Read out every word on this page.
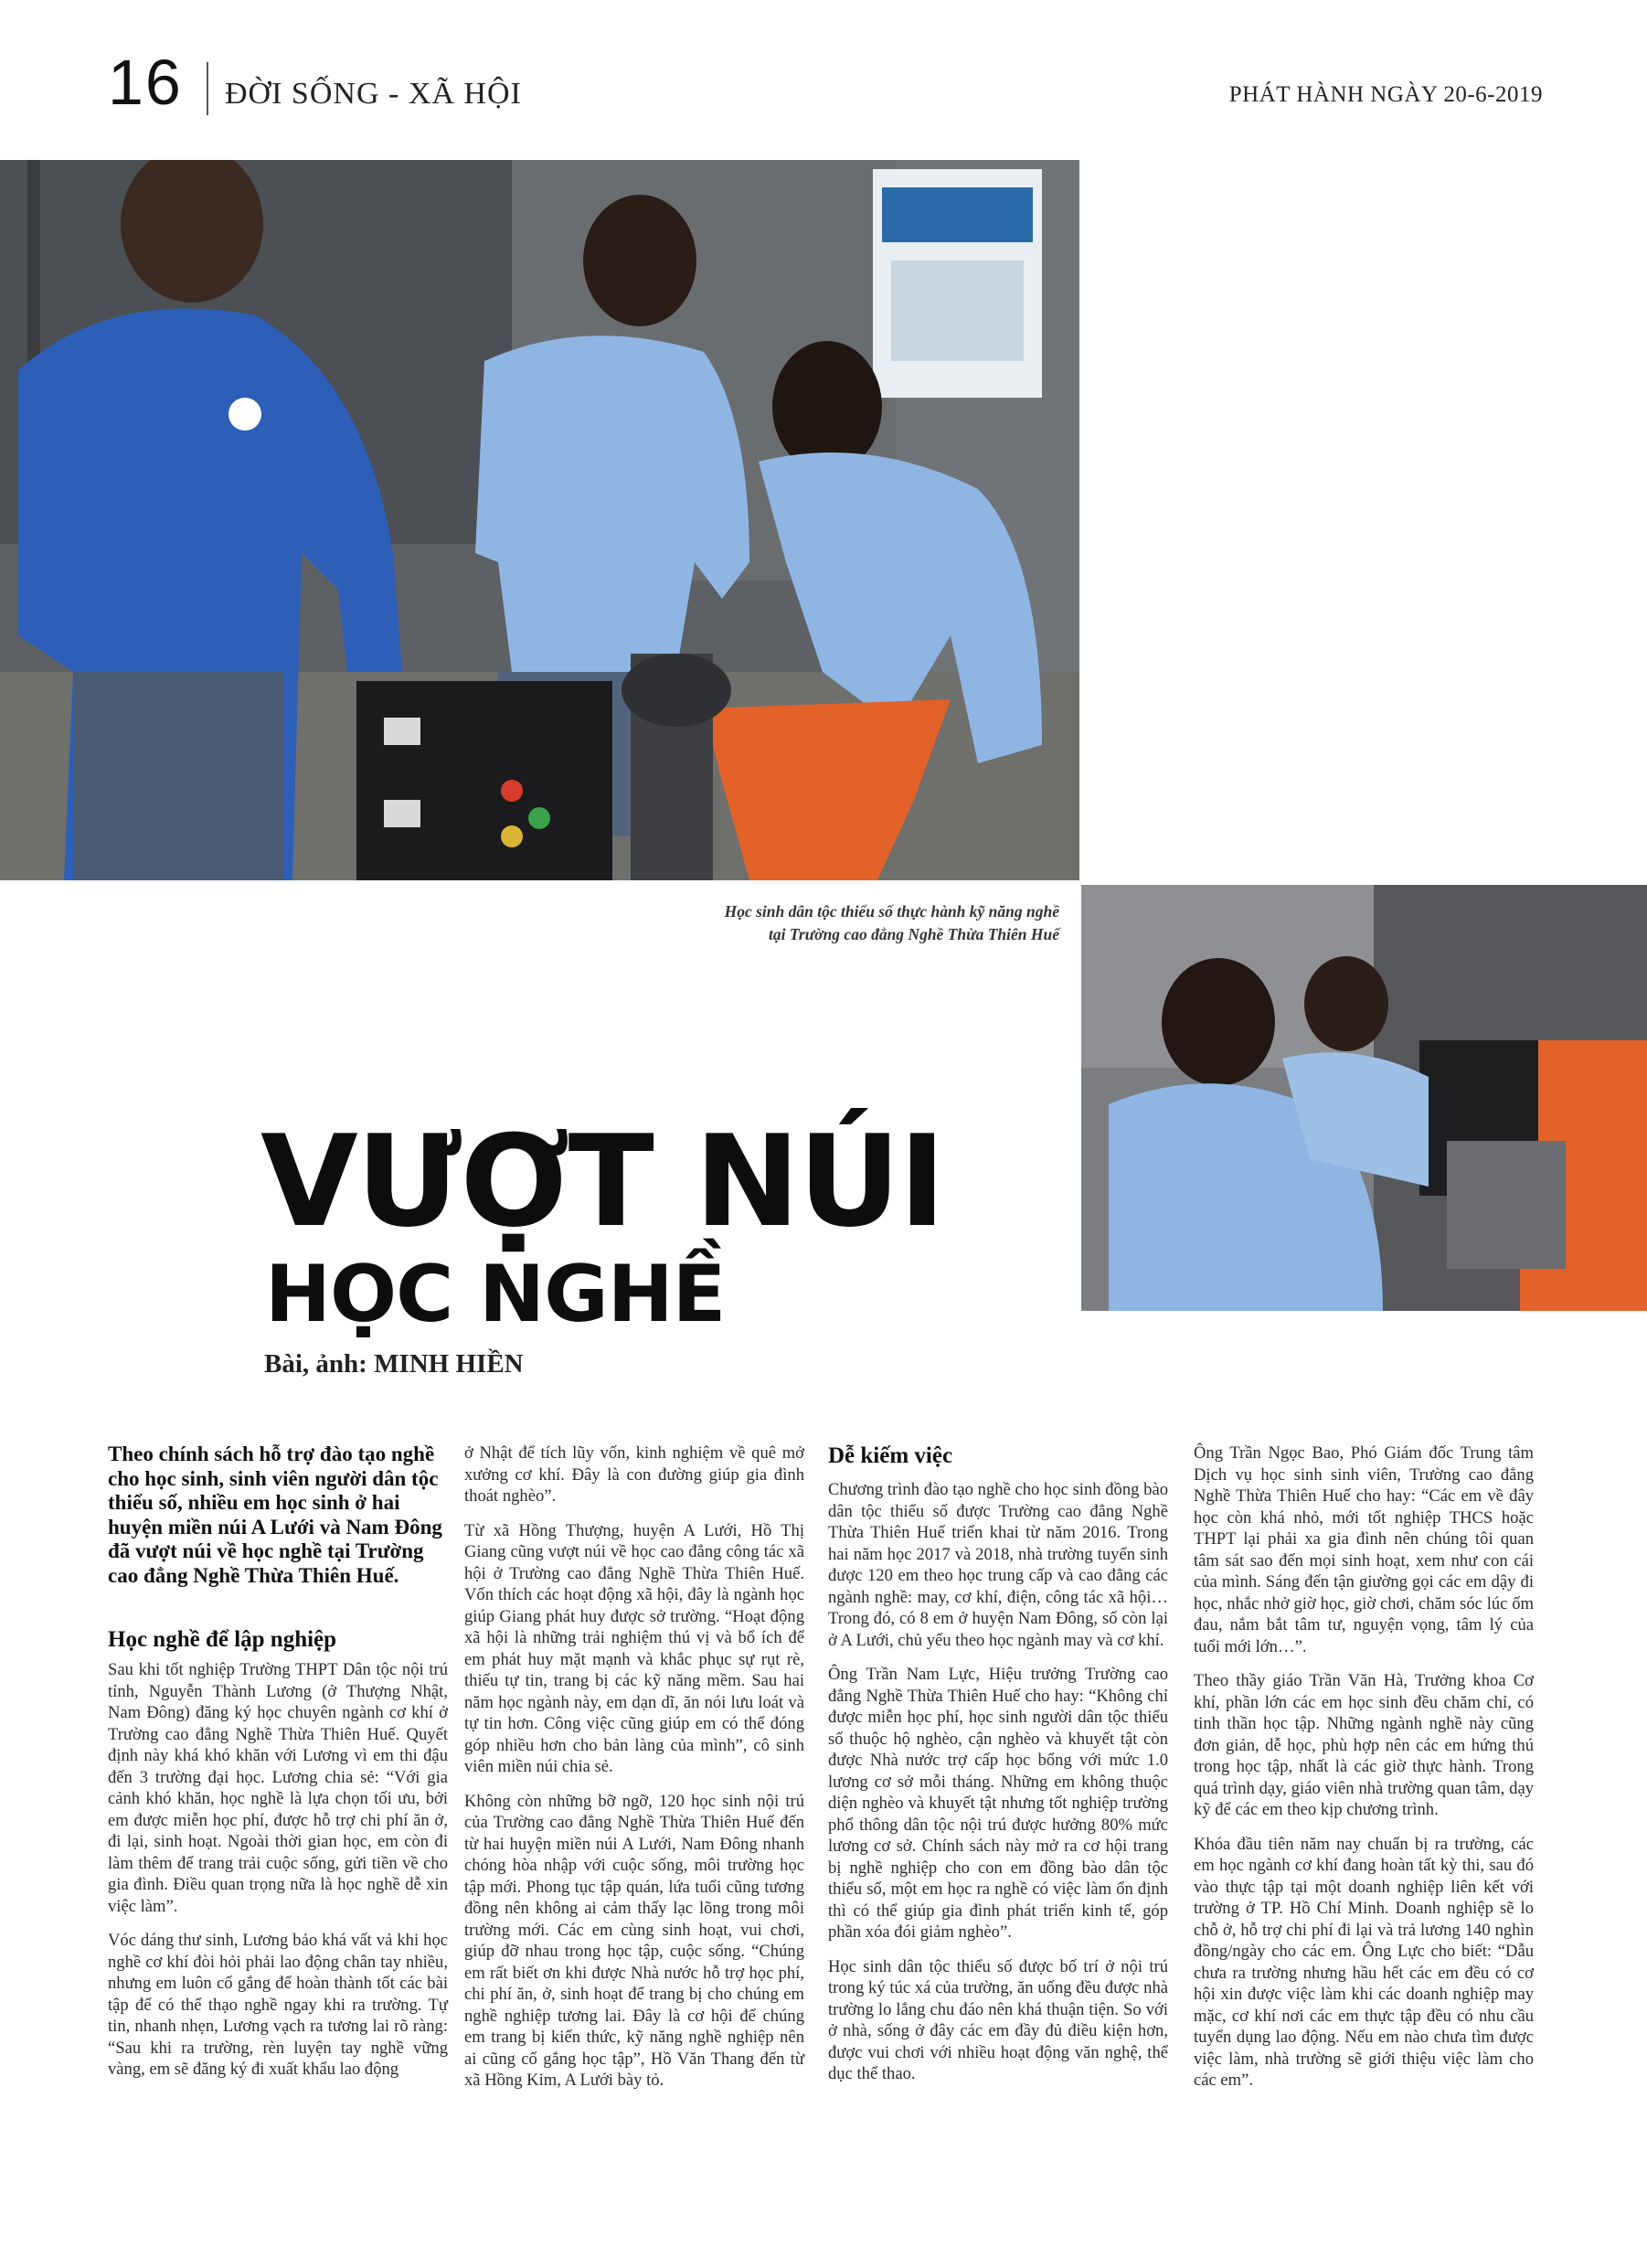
16 ĐỜI SỐNG - XÃ HỘI	PHÁT HÀNH NGÀY 20-6-2019
Học sinh dân tộc thiểu số thực hành kỹ năng nghề
tại Trường cao đẳng Nghề Thừa Thiên Huế
VƯỢT NÚI
HỌC NGHỀ
Bài, ảnh: MINH HIỀN

Theo chính sách hỗ trợ đào tạo nghề cho học sinh, sinh viên người dân tộc thiểu số, nhiều em học sinh ở hai huyện miền núi A Lưới và Nam Đông đã vượt núi về học nghề tại Trường cao đẳng Nghề Thừa Thiên Huế.

Học nghề để lập nghiệp

Sau khi tốt nghiệp Trường THPT Dân tộc nội trú tỉnh, Nguyễn Thành Lương (ở Thượng Nhật, Nam Đông) đăng ký học chuyên ngành cơ khí ở Trường cao đẳng Nghề Thừa Thiên Huế. Quyết định này khá khó khăn với Lương vì em thi đậu đến 3 trường đại học. Lương chia sẻ: “Với gia cảnh khó khăn, học nghề là lựa chọn tối ưu, bởi em được miễn học phí, được hỗ trợ chi phí ăn ở, đi lại, sinh hoạt. Ngoài thời gian học, em còn đi làm thêm để trang trải cuộc sống, gửi tiền về cho gia đình. Điều quan trọng nữa là học nghề dễ xin việc làm”.

Vóc dáng thư sinh, Lương bảo khá vất vả khi học nghề cơ khí đòi hỏi phải lao động chân tay nhiều, nhưng em luôn cố gắng để hoàn thành tốt các bài tập để có thể thạo nghề ngay khi ra trường. Tự tin, nhanh nhẹn, Lương vạch ra tương lai rõ ràng: “Sau khi ra trường, rèn luyện tay nghề vững vàng, em sẽ đăng ký đi xuất khẩu lao động

ở Nhật để tích lũy vốn, kinh nghiệm về quê mở xưởng cơ khí. Đây là con đường giúp gia đình thoát nghèo”.

Từ xã Hồng Thượng, huyện A Lưới, Hồ Thị Giang cũng vượt núi về học cao đẳng công tác xã hội ở Trường cao đẳng Nghề Thừa Thiên Huế. Vốn thích các hoạt động xã hội, đây là ngành học giúp Giang phát huy được sở trường. “Hoạt động xã hội là những trải nghiệm thú vị và bổ ích để em phát huy mặt mạnh và khắc phục sự rụt rè, thiếu tự tin, trang bị các kỹ năng mềm. Sau hai năm học ngành này, em dạn dĩ, ăn nói lưu loát và tự tin hơn. Công việc cũng giúp em có thể đóng góp nhiều hơn cho bản làng của mình”, cô sinh viên miền núi chia sẻ.

Không còn những bỡ ngỡ, 120 học sinh nội trú của Trường cao đẳng Nghề Thừa Thiên Huế đến từ hai huyện miền núi A Lưới, Nam Đông nhanh chóng hòa nhập với cuộc sống, môi trường học tập mới. Phong tục tập quán, lứa tuổi cũng tương đồng nên không ai cảm thấy lạc lõng trong môi trường mới. Các em cùng sinh hoạt, vui chơi, giúp đỡ nhau trong học tập, cuộc sống. “Chúng em rất biết ơn khi được Nhà nước hỗ trợ học phí, chi phí ăn, ở, sinh hoạt để trang bị cho chúng em nghề nghiệp tương lai. Đây là cơ hội để chúng em trang bị kiến thức, kỹ năng nghề nghiệp nên ai cũng cố gắng học tập”, Hồ Văn Thang đến từ xã Hồng Kim, A Lưới bày tỏ.

Dễ kiếm việc

Chương trình đào tạo nghề cho học sinh đồng bào dân tộc thiểu số được Trường cao đẳng Nghề Thừa Thiên Huế triển khai từ năm 2016. Trong hai năm học 2017 và 2018, nhà trường tuyển sinh được 120 em theo học trung cấp và cao đẳng các ngành nghề: may, cơ khí, điện, công tác xã hội… Trong đó, có 8 em ở huyện Nam Đông, số còn lại ở A Lưới, chủ yếu theo học ngành may và cơ khí.

Ông Trần Nam Lực, Hiệu trưởng Trường cao đẳng Nghề Thừa Thiên Huế cho hay: “Không chỉ được miễn học phí, học sinh người dân tộc thiểu số thuộc hộ nghèo, cận nghèo và khuyết tật còn được Nhà nước trợ cấp học bổng với mức 1.0 lương cơ sở mỗi tháng. Những em không thuộc diện nghèo và khuyết tật nhưng tốt nghiệp trường phổ thông dân tộc nội trú được hưởng 80% mức lương cơ sở. Chính sách này mở ra cơ hội trang bị nghề nghiệp cho con em đồng bào dân tộc thiểu số, một em học ra nghề có việc làm ổn định thì có thể giúp gia đình phát triển kinh tế, góp phần xóa đói giảm nghèo”.

Học sinh dân tộc thiểu số được bố trí ở nội trú trong ký túc xá của trường, ăn uống đều được nhà trường lo lắng chu đáo nên khá thuận tiện. So với ở nhà, sống ở đây các em đầy đủ điều kiện hơn, được vui chơi với nhiều hoạt động văn nghệ, thể dục thể thao.

Ông Trần Ngọc Bao, Phó Giám đốc Trung tâm Dịch vụ học sinh sinh viên, Trường cao đẳng Nghề Thừa Thiên Huế cho hay: “Các em về đây học còn khá nhỏ, mới tốt nghiệp THCS hoặc THPT lại phải xa gia đình nên chúng tôi quan tâm sát sao đến mọi sinh hoạt, xem như con cái của mình. Sáng đến tận giường gọi các em dậy đi học, nhắc nhở giờ học, giờ chơi, chăm sóc lúc ốm đau, nắm bắt tâm tư, nguyện vọng, tâm lý của tuổi mới lớn…”.

Theo thầy giáo Trần Văn Hà, Trưởng khoa Cơ khí, phần lớn các em học sinh đều chăm chỉ, có tinh thần học tập. Những ngành nghề này cũng đơn giản, dễ học, phù hợp nên các em hứng thú trong học tập, nhất là các giờ thực hành. Trong quá trình dạy, giáo viên nhà trường quan tâm, dạy kỹ để các em theo kịp chương trình.

Khóa đầu tiên năm nay chuẩn bị ra trường, các em học ngành cơ khí đang hoàn tất kỳ thi, sau đó vào thực tập tại một doanh nghiệp liên kết với trường ở TP. Hồ Chí Minh. Doanh nghiệp sẽ lo chỗ ở, hỗ trợ chi phí đi lại và trả lương 140 nghìn đồng/ngày cho các em. Ông Lực cho biết: “Dẫu chưa ra trường nhưng hầu hết các em đều có cơ hội xin được việc làm khi các doanh nghiệp may mặc, cơ khí nơi các em thực tập đều có nhu cầu tuyển dụng lao động. Nếu em nào chưa tìm được việc làm, nhà trường sẽ giới thiệu việc làm cho các em”.
